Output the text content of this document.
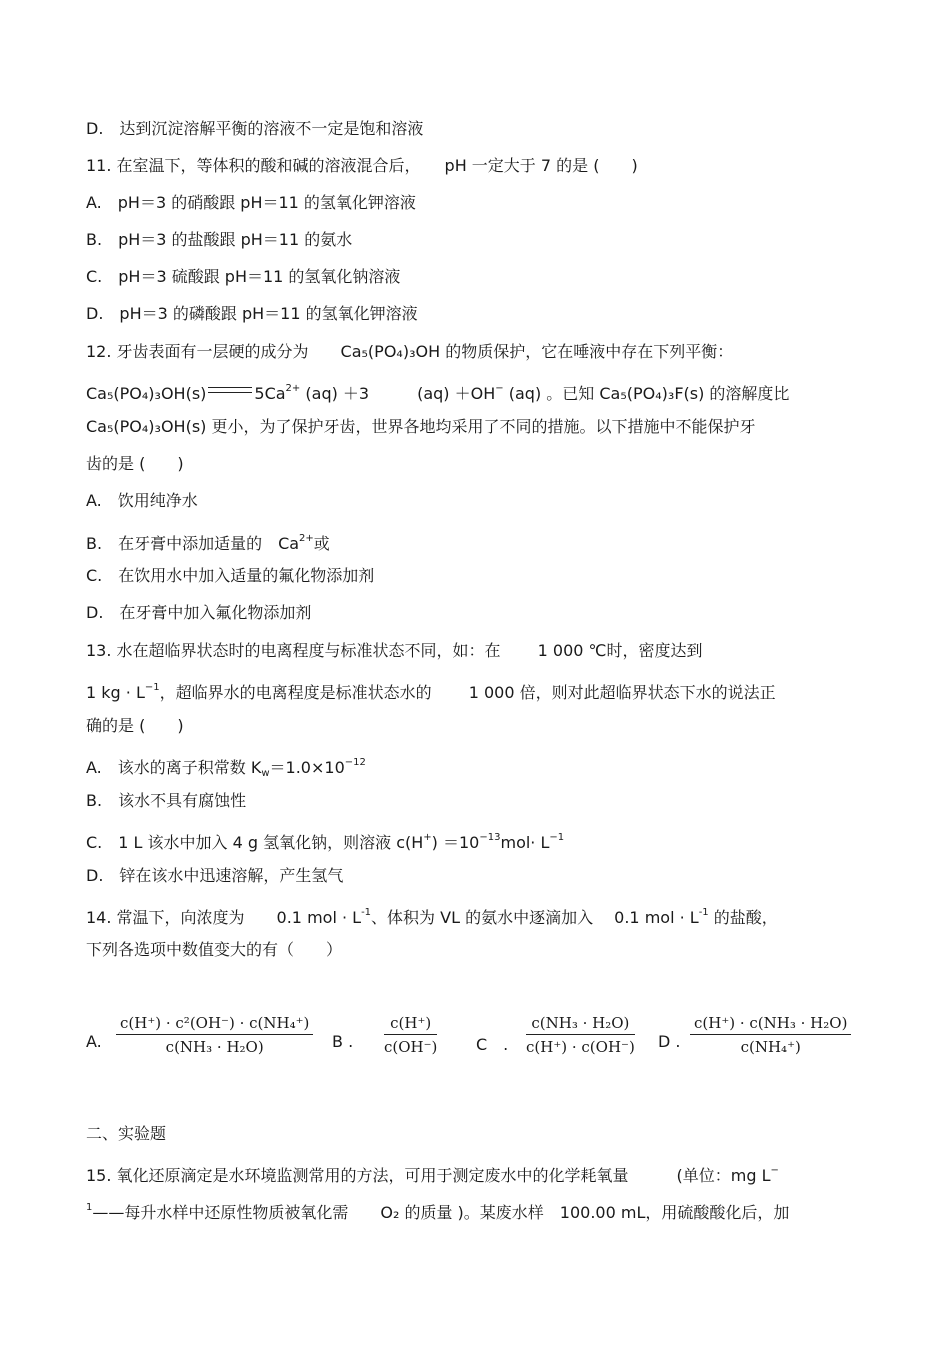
D.　达到沉淀溶解平衡的溶液不一定是饱和溶液
11. 在室温下，等体积的酸和碱的溶液混合后，　　pH 一定大于 7 的是 (　　)
A.　pH＝3 的硝酸跟 pH＝11 的氢氧化钾溶液
B.　pH＝3 的盐酸跟 pH＝11 的氨水
C.　pH＝3 硫酸跟 pH＝11 的氢氧化钠溶液
D.　pH＝3 的磷酸跟 pH＝11 的氢氧化钾溶液
12. 牙齿表面有一层硬的成分为　　Ca₅(PO₄)₃OH 的物质保护，它在唾液中存在下列平衡：
Ca₅(PO₄)₃OH(s)	$5Ca^{2+}$ (aq) ＋3　　　(aq) ＋OH− (aq) 。已知 Ca₅(PO₄)₃F(s) 的溶解度比
Ca₅(PO₄)₃OH(s) 更小，为了保护牙齿，世界各地均采用了不同的措施。以下措施中不能保护牙
齿的是 (　　)
A.　饮用纯净水
B.　在牙膏中添加适量的　$Ca^{2+}$或
C.　在饮用水中加入适量的氟化物添加剂
D.　在牙膏中加入氟化物添加剂
13. 水在超临界状态时的电离程度与标准状态不同，如：在　　 1 000 ℃时，密度达到
1 kg · $L^{-1}$，超临界水的电离程度是标准状态水的　　 1 000 倍，则对此超临界状态下水的说法正
确的是 (　　)
A.　该水的离子积常数 $K_w=1.0\times 10^{-12}$
B.　该水不具有腐蚀性
C.　1 L 该水中加入 4 g 氢氧化钠，则溶液 $c(H^+) =10^{-13}mol\cdot L^{-1}$
D.　锌在该水中迅速溶解，产生氢气
14. 常温下，向浓度为　　0.1 mol · $L^{-1}$、体积为 VL 的氨水中逐滴加入　 0.1 mol · $L^{-1}$ 的盐酸，
下列各选项中数值变大的有（　　）
A. $\frac{\text{c(H⁺) · c²(OH⁻) · c(NH₄⁺)}}{\text{c(NH₃ · H₂O)}}$ B . $\frac{c(H^+)}{c(OH^-)}$ C　. $\frac{\text{c(NH₃ · H₂O)}}{c(H^+) \cdot c(OH^-)}$ D . $\frac{\text{c(H⁺) · c(NH₃ · H₂O)}}{\text{c(NH₄⁺)}}$
二、实验题
15. 氧化还原滴定是水环境监测常用的方法，可用于测定废水中的化学耗氧量　　　(单位：mg L−
$^1$——每升水样中还原性物质被氧化需　　O₂ 的质量 )。某废水样　100.00 mL，用硫酸酸化后，加
